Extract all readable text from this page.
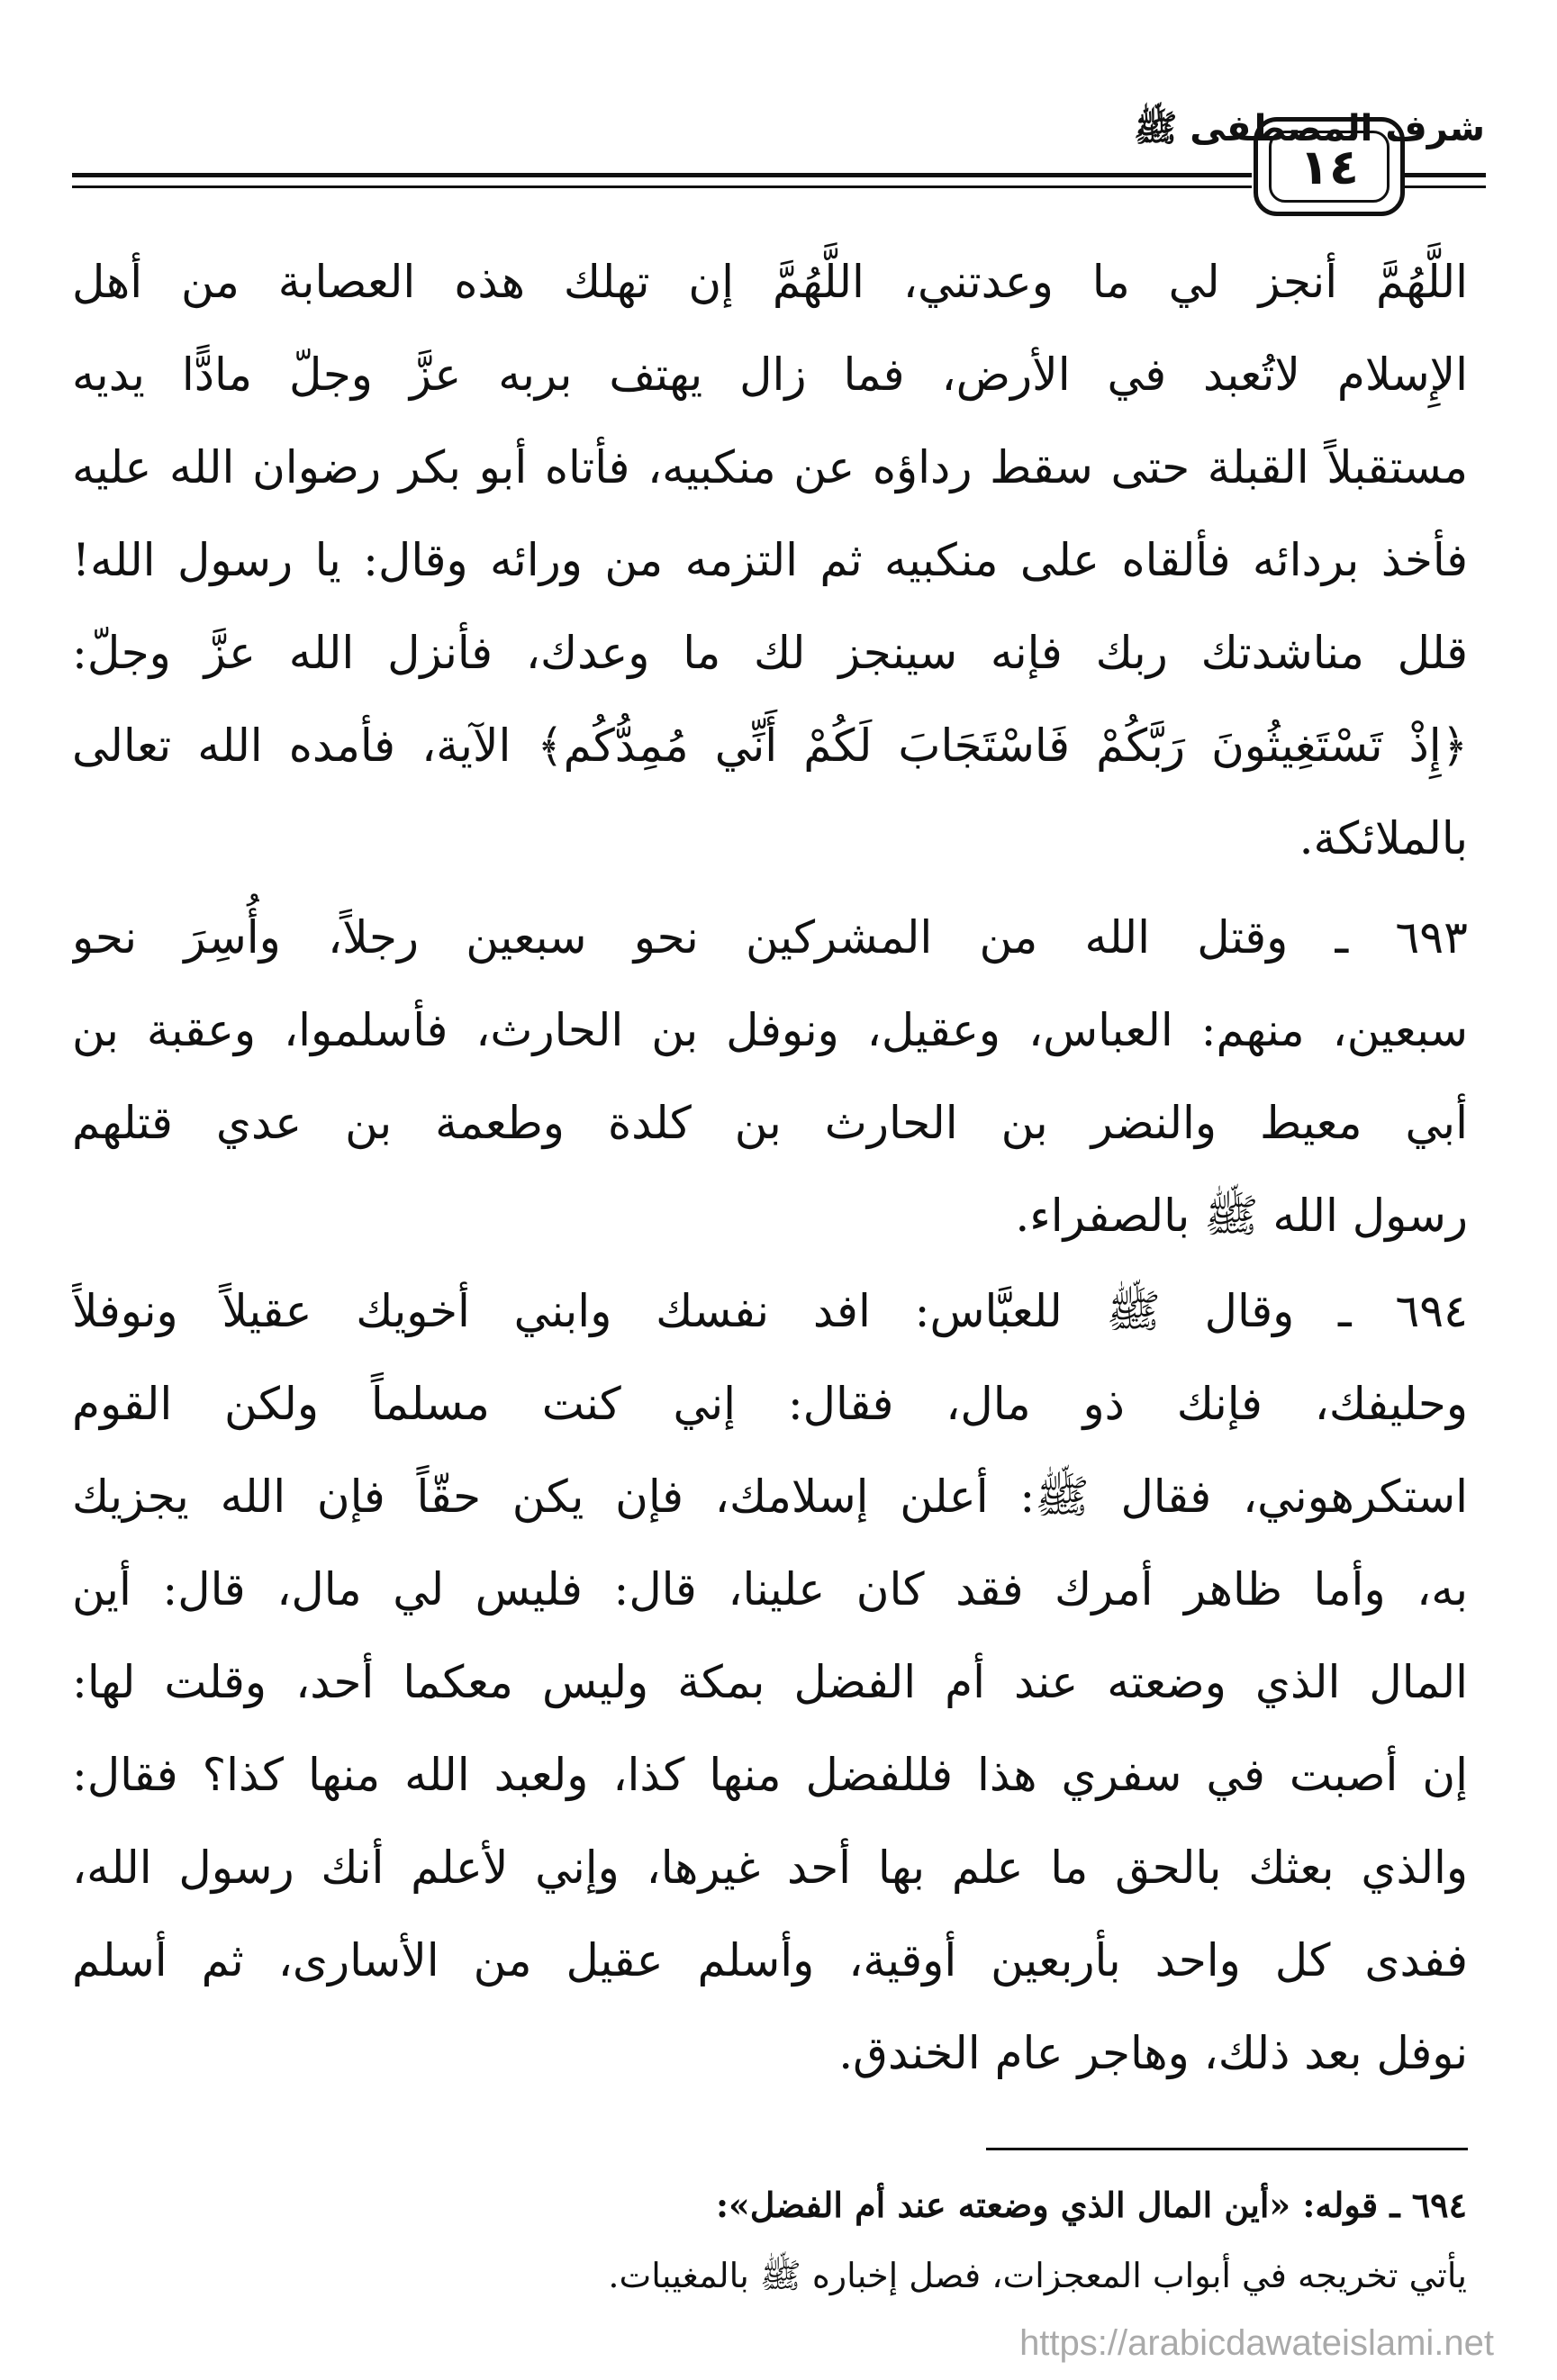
شرف المصطفى ﷺ
١٤
اللَّهُمَّ أنجز لي ما وعدتني، اللَّهُمَّ إن تهلك هذه العصابة من أهل
الإِسلام لاتُعبد في الأرض، فما زال يهتف بربه عزَّ وجلّ مادًّا يديه
مستقبلاً القبلة حتى سقط رداؤه عن منكبيه، فأتاه أبو بكر رضوان الله عليه
فأخذ بردائه فألقاه على منكبيه ثم التزمه من ورائه وقال: يا رسول الله!
قلل مناشدتك ربك فإنه سينجز لك ما وعدك، فأنزل الله عزَّ وجلّ:
﴿إِذْ تَسْتَغِيثُونَ رَبَّكُمْ فَاسْتَجَابَ لَكُمْ أَنِّي مُمِدُّكُم﴾ الآية، فأمده الله تعالى
بالملائكة.
٦٩٣ ـ وقتل الله من المشركين نحو سبعين رجلاً، وأُسِرَ نحو
سبعين، منهم: العباس، وعقيل، ونوفل بن الحارث، فأسلموا، وعقبة بن
أبي معيط والنضر بن الحارث بن كلدة وطعمة بن عدي قتلهم
رسول الله ﷺ بالصفراء.
٦٩٤ ـ وقال ﷺ للعبَّاس: افد نفسك وابني أخويك عقيلاً ونوفلاً
وحليفك، فإنك ذو مال، فقال: إني كنت مسلماً ولكن القوم
استكرهوني، فقال ﷺ: أعلن إسلامك، فإن يكن حقّاً فإن الله يجزيك
به، وأما ظاهر أمرك فقد كان علينا، قال: فليس لي مال، قال: أين
المال الذي وضعته عند أم الفضل بمكة وليس معكما أحد، وقلت لها:
إن أصبت في سفري هذا فللفضل منها كذا، ولعبد الله منها كذا؟ فقال:
والذي بعثك بالحق ما علم بها أحد غيرها، وإني لأعلم أنك رسول الله،
ففدى كل واحد بأربعين أوقية، وأسلم عقيل من الأسارى، ثم أسلم
نوفل بعد ذلك، وهاجر عام الخندق.
٦٩٤ ـ قوله: «أين المال الذي وضعته عند أم الفضل»:
يأتي تخريجه في أبواب المعجزات، فصل إخباره ﷺ بالمغيبات.
https://arabicdawateislami.net
